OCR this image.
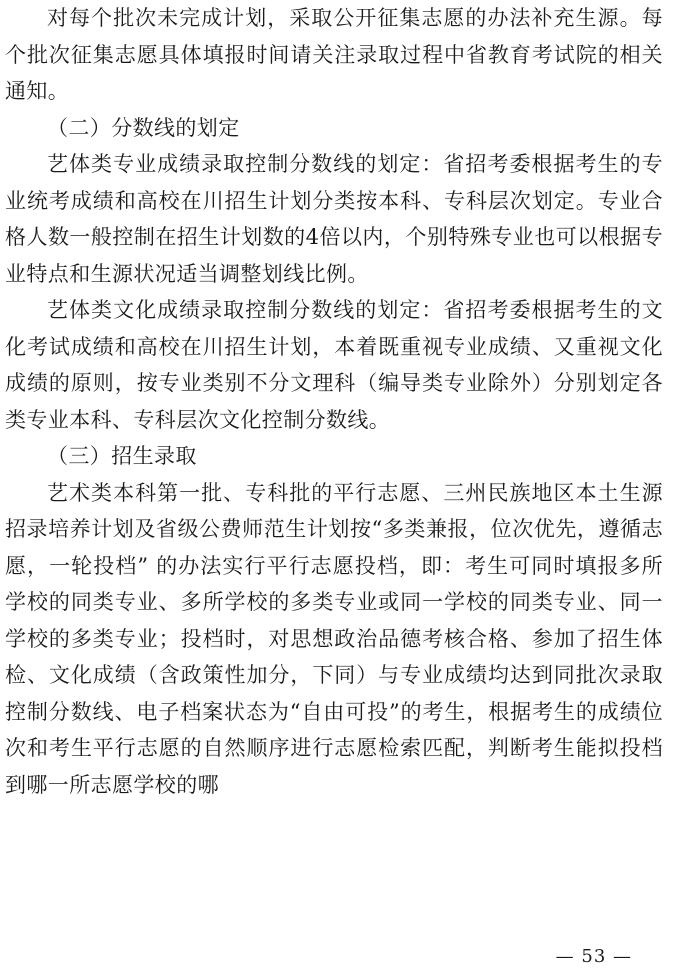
对每个批次未完成计划，采取公开征集志愿的办法补充生源。每个批次征集志愿具体填报时间请关注录取过程中省教育考试院的相关通知。

（二）分数线的划定

艺体类专业成绩录取控制分数线的划定：省招考委根据考生的专业统考成绩和高校在川招生计划分类按本科、专科层次划定。专业合格人数一般控制在招生计划数的4倍以内，个别特殊专业也可以根据专业特点和生源状况适当调整划线比例。

艺体类文化成绩录取控制分数线的划定：省招考委根据考生的文化考试成绩和高校在川招生计划，本着既重视专业成绩、又重视文化成绩的原则，按专业类别不分文理科（编导类专业除外）分别划定各类专业本科、专科层次文化控制分数线。

（三）招生录取

艺术类本科第一批、专科批的平行志愿、三州民族地区本土生源招录培养计划及省级公费师范生计划按“多类兼报，位次优先，遵循志愿，一轮投档” 的办法实行平行志愿投档，即：考生可同时填报多所学校的同类专业、多所学校的多类专业或同一学校的同类专业、同一学校的多类专业；投档时，对思想政治品德考核合格、参加了招生体检、文化成绩（含政策性加分，下同）与专业成绩均达到同批次录取控制分数线、电子档案状态为“自由可投”的考生，根据考生的成绩位次和考生平行志愿的自然顺序进行志愿检索匹配，判断考生能拟投档到哪一所志愿学校的哪

— 53 —
